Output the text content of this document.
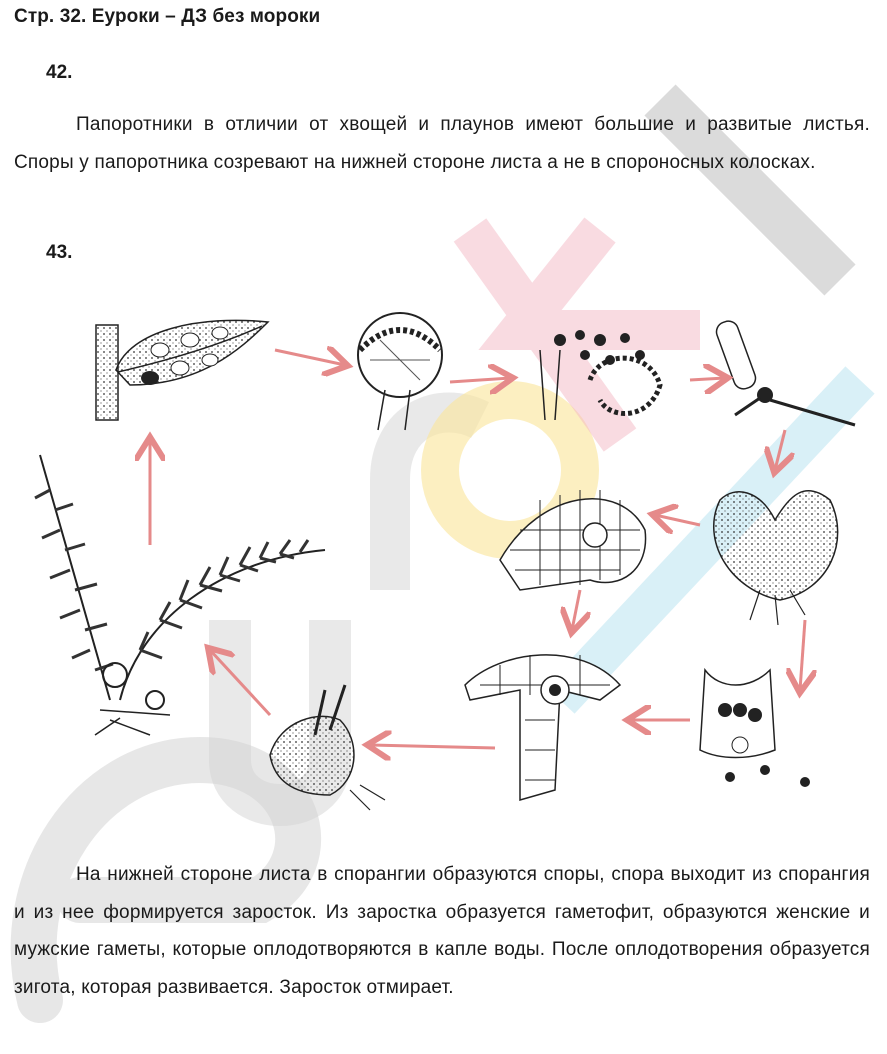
Стр. 32. Еуроки – ДЗ без мороки
42.
Папоротники в отличии от хвощей и плаунов имеют большие и развитые листья. Споры у папоротника созревают на нижней стороне листа а не в спороносных колосках.
43.
На нижней стороне листа в спорангии образуются споры, спора выходит из спорангия и из нее формируется заросток. Из заростка образуется гаметофит, образуются женские и мужские гаметы, которые оплодотворяются в капле воды. После оплодотворения образуется зигота, которая развивается. Заросток отмирает.
